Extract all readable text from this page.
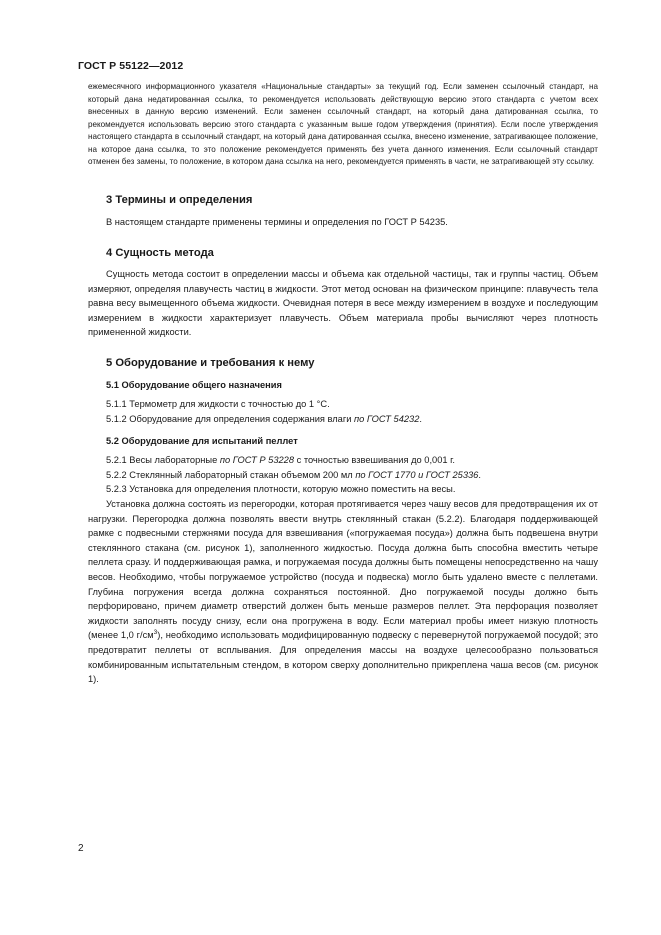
ГОСТ Р 55122—2012

ежемесячного информационного указателя «Национальные стандарты» за текущий год. Если заменен ссылочный стандарт, на который дана недатированная ссылка, то рекомендуется использовать действующую версию этого стандарта с учетом всех внесенных в данную версию изменений. Если заменен ссылочный стандарт, на который дана датированная ссылка, то рекомендуется использовать версию этого стандарта с указанным выше годом утверждения (принятия). Если после утверждения настоящего стандарта в ссылочный стандарт, на который дана датированная ссылка, внесено изменение, затрагивающее положение, на которое дана ссылка, то это положение рекомендуется применять без учета данного изменения. Если ссылочный стандарт отменен без замены, то положение, в котором дана ссылка на него, рекомендуется применять в части, не затрагивающей эту ссылку.

3 Термины и определения

В настоящем стандарте применены термины и определения по ГОСТ Р 54235.

4 Сущность метода

Сущность метода состоит в определении массы и объема как отдельной частицы, так и группы частиц. Объем измеряют, определяя плавучесть частиц в жидкости. Этот метод основан на физическом принципе: плавучесть тела равна весу вымещенного объема жидкости. Очевидная потеря в весе между измерением в воздухе и последующим измерением в жидкости характеризует плавучесть. Объем материала пробы вычисляют через плотность примененной жидкости.

5 Оборудование и требования к нему
5.1 Оборудование общего назначения

5.1.1 Термометр для жидкости с точностью до 1 °С.

5.1.2 Оборудование для определения содержания влаги по ГОСТ 54232.

5.2 Оборудование для испытаний пеллет

5.2.1 Весы лабораторные по ГОСТ Р 53228 с точностью взвешивания до 0,001 г.

5.2.2 Стеклянный лабораторный стакан объемом 200 мл по ГОСТ 1770 и ГОСТ 25336.

5.2.3 Установка для определения плотности, которую можно поместить на весы.

Установка должна состоять из перегородки, которая протягивается через чашу весов для предотвращения их от нагрузки. Перегородка должна позволять ввести внутрь стеклянный стакан (5.2.2). Благодаря поддерживающей рамке с подвесными стержнями посуда для взвешивания («погружаемая посуда») должна быть подвешена внутри стеклянного стакана (см. рисунок 1), заполненного жидкостью. Посуда должна быть способна вместить четыре пеллета сразу. И поддерживающая рамка, и погружаемая посуда должны быть помещены непосредственно на чашу весов. Необходимо, чтобы погружаемое устройство (посуда и подвеска) могло быть удалено вместе с пеллетами. Глубина погружения всегда должна сохраняться постоянной. Дно погружаемой посуды должно быть перфорировано, причем диаметр отверстий должен быть меньше размеров пеллет. Эта перфорация позволяет жидкости заполнять посуду снизу, если она прогружена в воду. Если материал пробы имеет низкую плотность (менее 1,0 $г/см^3$), необходимо использовать модифицированную подвеску с перевернутой погружаемой посудой; это предотвратит пеллеты от всплывания. Для определения массы на воздухе целесообразно пользоваться комбинированным испытательным стендом, в котором сверху дополнительно прикреплена чаша весов (см. рисунок 1).

2
